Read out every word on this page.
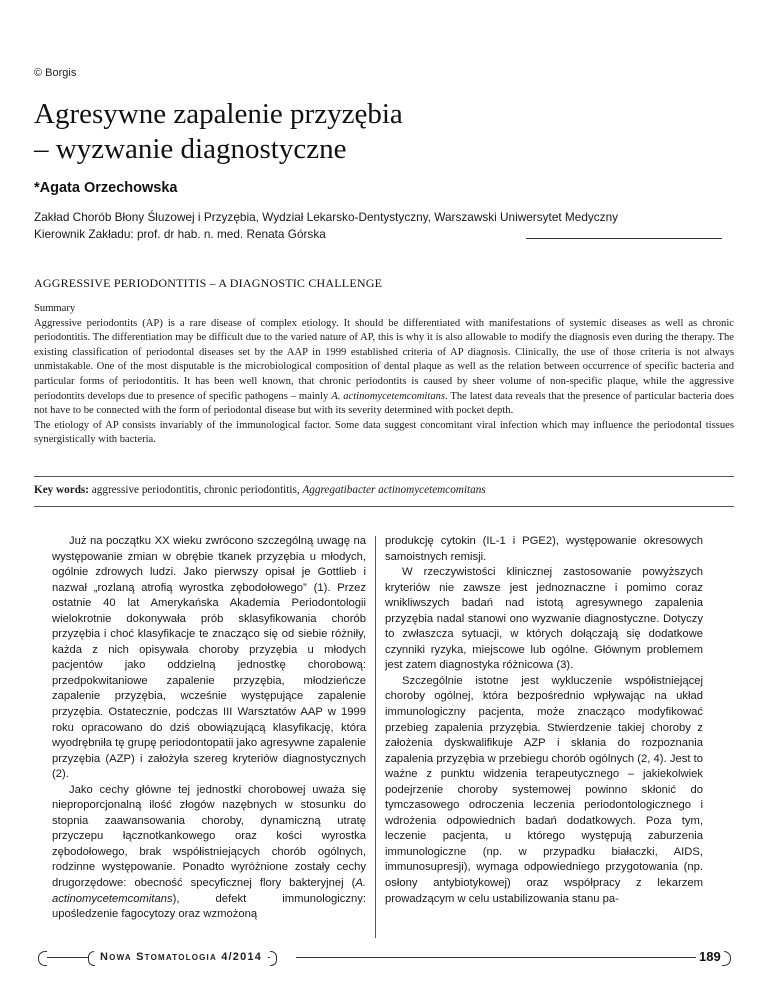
© Borgis
Agresywne zapalenie przyzębia
– wyzwanie diagnostyczne
*Agata Orzechowska
Zakład Chorób Błony Śluzowej i Przyzębia, Wydział Lekarsko-Dentystyczny, Warszawski Uniwersytet Medyczny
Kierownik Zakładu: prof. dr hab. n. med. Renata Górska
AGGRESSIVE PERIODONTITIS – A DIAGNOSTIC CHALLENGE

Summary

Aggressive periodontits (AP) is a rare disease of complex etiology. It should be differentiated with manifestations of systemic diseases as well as chronic periodontitis. The differentiation may be difficult due to the varied nature of AP, this is why it is also allowable to modify the diagnosis even during the therapy. The existing classification of periodontal diseases set by the AAP in 1999 established criteria of AP diagnosis. Clinically, the use of those criteria is not always unmistakable. One of the most disputable is the microbiological composition of dental plaque as well as the relation between occurrence of specific bacteria and particular forms of periodontitis. It has been well known, that chronic periodontits is caused by sheer volume of non-specific plaque, while the aggressive periodontits develops due to presence of specific pathogens – mainly A. actinomycetemcomitans. The latest data reveals that the presence of particular bacteria does not have to be connected with the form of periodontal disease but with its severity determined with pocket depth.

The etiology of AP consists invariably of the immunological factor. Some data suggest concomitant viral infection which may influence the periodontal tissues synergistically with bacteria.

Key words: aggressive periodontitis, chronic periodontitis, Aggregatibacter actinomycetemcomitans

Już na początku XX wieku zwrócono szczególną uwagę na występowanie zmian w obrębie tkanek przyzębia u młodych, ogólnie zdrowych ludzi. Jako pierwszy opisał je Gottlieb i nazwał „rozlaną atrofią wyrostka zębodołowego” (1). Przez ostatnie 40 lat Amerykańska Akademia Periodontologii wielokrotnie dokonywała prób sklasyfikowania chorób przyzębia i choć klasyfikacje te znacząco się od siebie różniły, każda z nich opisywała choroby przyzębia u młodych pacjentów jako oddzielną jednostkę chorobową: przedpokwitaniowe zapalenie przyzębia, młodzieńcze zapalenie przyzębia, wcześnie występujące zapalenie przyzębia. Ostatecznie, podczas III Warsztatów AAP w 1999 roku opracowano do dziś obowiązującą klasyfikację, która wyodrębniła tę grupę periodontopatii jako agresywne zapalenie przyzębia (AZP) i założyła szereg kryteriów diagnostycznych (2).

Jako cechy główne tej jednostki chorobowej uważa się nieproporcjonalną ilość złogów nazębnych w stosunku do stopnia zaawansowania choroby, dynamiczną utratę przyczepu łącznotkankowego oraz kości wyrostka zębodołowego, brak współistniejących chorób ogólnych, rodzinne występowanie. Ponadto wyróżnione zostały cechy drugorzędowe: obecność specyficznej flory bakteryjnej (A. actinomycetemcomitans), defekt immunologiczny: upośledzenie fagocytozy oraz wzmożoną

produkcję cytokin (IL-1 i PGE2), występowanie okresowych samoistnych remisji.

W rzeczywistości klinicznej zastosowanie powyższych kryteriów nie zawsze jest jednoznaczne i pomimo coraz wnikliwszych badań nad istotą agresywnego zapalenia przyzębia nadal stanowi ono wyzwanie diagnostyczne. Dotyczy to zwłaszcza sytuacji, w których dołączają się dodatkowe czynniki ryzyka, miejscowe lub ogólne. Głównym problemem jest zatem diagnostyka różnicowa (3).

Szczególnie istotne jest wykluczenie współistniejącej choroby ogólnej, która bezpośrednio wpływając na układ immunologiczny pacjenta, może znacząco modyfikować przebieg zapalenia przyzębia. Stwierdzenie takiej choroby z założenia dyskwalifikuje AZP i skłania do rozpoznania zapalenia przyzębia w przebiegu chorób ogólnych (2, 4). Jest to ważne z punktu widzenia terapeutycznego – jakiekolwiek podejrzenie choroby systemowej powinno skłonić do tymczasowego odroczenia leczenia periodontologicznego i wdrożenia odpowiednich badań dodatkowych. Poza tym, leczenie pacjenta, u którego występują zaburzenia immunologiczne (np. w przypadku białaczki, AIDS, immunosupresji), wymaga odpowiedniego przygotowania (np. osłony antybiotykowej) oraz współpracy z lekarzem prowadzącym w celu ustabilizowania stanu pa-

Nowa Stomatologia 4/2014	189
